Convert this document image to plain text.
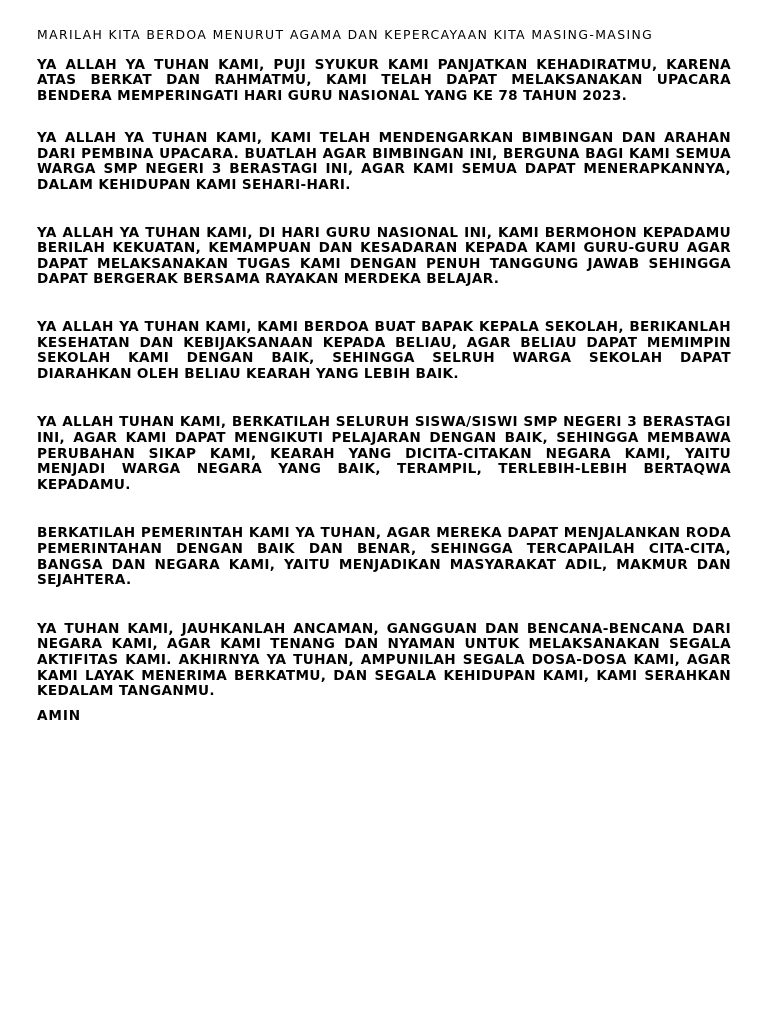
MARILAH KITA BERDOA MENURUT AGAMA DAN KEPERCAYAAN KITA MASING-MASING

YA ALLAH YA TUHAN KAMI, PUJI SYUKUR KAMI PANJATKAN KEHADIRATMU, KARENA ATAS BERKAT DAN RAHMATMU, KAMI TELAH DAPAT MELAKSANAKAN UPACARA BENDERA MEMPERINGATI HARI GURU NASIONAL YANG KE 78 TAHUN 2023.

YA ALLAH YA TUHAN KAMI, KAMI TELAH MENDENGARKAN BIMBINGAN DAN ARAHAN DARI PEMBINA UPACARA. BUATLAH AGAR BIMBINGAN INI, BERGUNA BAGI KAMI SEMUA WARGA SMP NEGERI 3 BERASTAGI INI, AGAR KAMI SEMUA DAPAT MENERAPKANNYA, DALAM KEHIDUPAN KAMI SEHARI-HARI.

YA ALLAH YA TUHAN KAMI, DI HARI GURU NASIONAL INI, KAMI BERMOHON KEPADAMU BERILAH KEKUATAN, KEMAMPUAN DAN KESADARAN KEPADA KAMI GURU-GURU AGAR DAPAT MELAKSANAKAN TUGAS KAMI DENGAN PENUH TANGGUNG JAWAB SEHINGGA DAPAT BERGERAK BERSAMA RAYAKAN MERDEKA BELAJAR.

YA ALLAH YA TUHAN KAMI, KAMI BERDOA BUAT BAPAK KEPALA SEKOLAH, BERIKANLAH KESEHATAN DAN KEBIJAKSANAAN KEPADA BELIAU, AGAR BELIAU DAPAT MEMIMPIN SEKOLAH KAMI DENGAN BAIK, SEHINGGA SELRUH WARGA SEKOLAH DAPAT DIARAHKAN OLEH BELIAU KEARAH YANG LEBIH BAIK.

YA ALLAH TUHAN KAMI, BERKATILAH SELURUH SISWA/SISWI SMP NEGERI 3 BERASTAGI INI, AGAR KAMI DAPAT MENGIKUTI PELAJARAN DENGAN BAIK, SEHINGGA MEMBAWA PERUBAHAN SIKAP KAMI, KEARAH YANG DICITA-CITAKAN NEGARA KAMI, YAITU MENJADI WARGA NEGARA YANG BAIK, TERAMPIL, TERLEBIH-LEBIH BERTAQWA KEPADAMU.

BERKATILAH PEMERINTAH KAMI YA TUHAN, AGAR MEREKA DAPAT MENJALANKAN RODA PEMERINTAHAN DENGAN BAIK DAN BENAR, SEHINGGA TERCAPAILAH CITA-CITA, BANGSA DAN NEGARA KAMI, YAITU MENJADIKAN MASYARAKAT ADIL, MAKMUR DAN SEJAHTERA.

YA TUHAN KAMI, JAUHKANLAH ANCAMAN, GANGGUAN DAN BENCANA-BENCANA DARI NEGARA KAMI, AGAR KAMI TENANG DAN NYAMAN UNTUK MELAKSANAKAN SEGALA AKTIFITAS KAMI. AKHIRNYA YA TUHAN, AMPUNILAH SEGALA DOSA-DOSA KAMI, AGAR KAMI LAYAK MENERIMA BERKATMU, DAN SEGALA KEHIDUPAN KAMI, KAMI SERAHKAN KEDALAM TANGANMU.

AMIN
